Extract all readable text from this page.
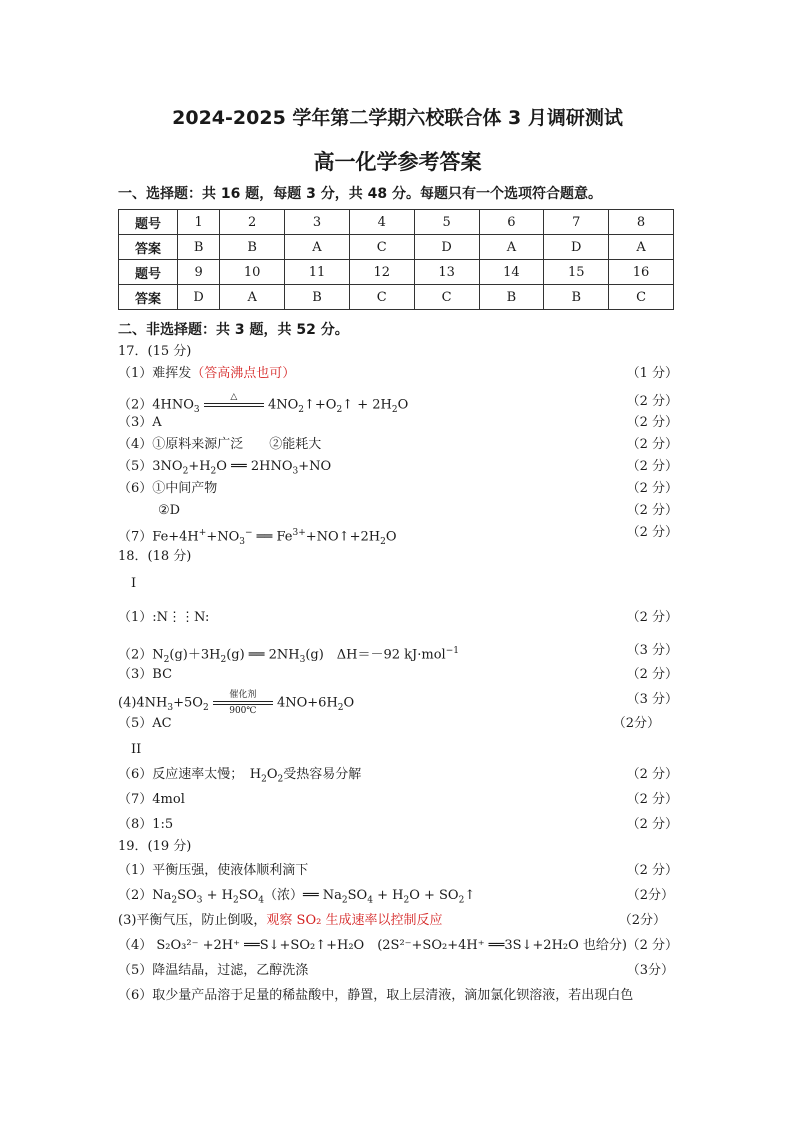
2024-2025 学年第二学期六校联合体 3 月调研测试
高一化学参考答案
一、选择题：共 16 题，每题 3 分，共 48 分。每题只有一个选项符合题意。
题号	1	2	3	4	5	6	7	8
答案	B	B	A	C	D	A	D	A
题号	9	10	11	12	13	14	15	16
答案	D	A	B	C	C	B	B	C
二、非选择题：共 3 题，共 52 分。
17．(15 分)
（1）难挥发（答高沸点也可）	（1 分）
$(2)4HNO_3$ △
$4NO_2↑+O_2↑ + 2H_2O$	（2 分）
（3）A	（2 分）
（4）①原料来源广泛　　②能耗大	（2 分）
$(5)3NO_2+H_2O$ ══ $2HNO_3+NO$	（2 分）
（6）①中间产物	（2 分）
②D	（2 分）
$(7)Fe+4H^++NO_3^-$ ══ $Fe^{3+}+NO↑+2H_2O$	（2 分）
18．(18 分)
I
（1）:N⋮⋮N:	（2 分）
$(2)N_2(g)+3H_2(g)$ ══ $2NH_3(g)$　ΔH＝－92 kJ·mol$^{-1}$	（3 分）
（3）BC	（2 分）
$(4)4NH_3+5O_2$ 催化剂
900℃ $4NO+6H_2O$	（3 分）
（5）AC	（2分）
II
（6）反应速率太慢；　$H_2O_2$受热容易分解	（2 分）
（7）4mol	（2 分）
（8）1:5	（2 分）
19．(19 分)
（1）平衡压强，使液体顺利滴下	（2 分）
$(2)Na_2SO_3 + H_2SO_4$（浓）══ $Na_2SO_4 + H_2O$ + $SO_2↑$	（2分）
(3)平衡气压，防止倒吸，观察 SO₂ 生成速率以控制反应	（2分）
（4） S₂O₃²⁻ +2H⁺ ══S↓+SO₂↑+H₂O　(2S²⁻+SO₂+4H⁺ ══3S↓+2H₂O 也给分) （2 分）
（5）降温结晶，过滤，乙醇洗涤	（3分）
（6）取少量产品溶于足量的稀盐酸中，静置，取上层清液，滴加氯化钡溶液，若出现白色
